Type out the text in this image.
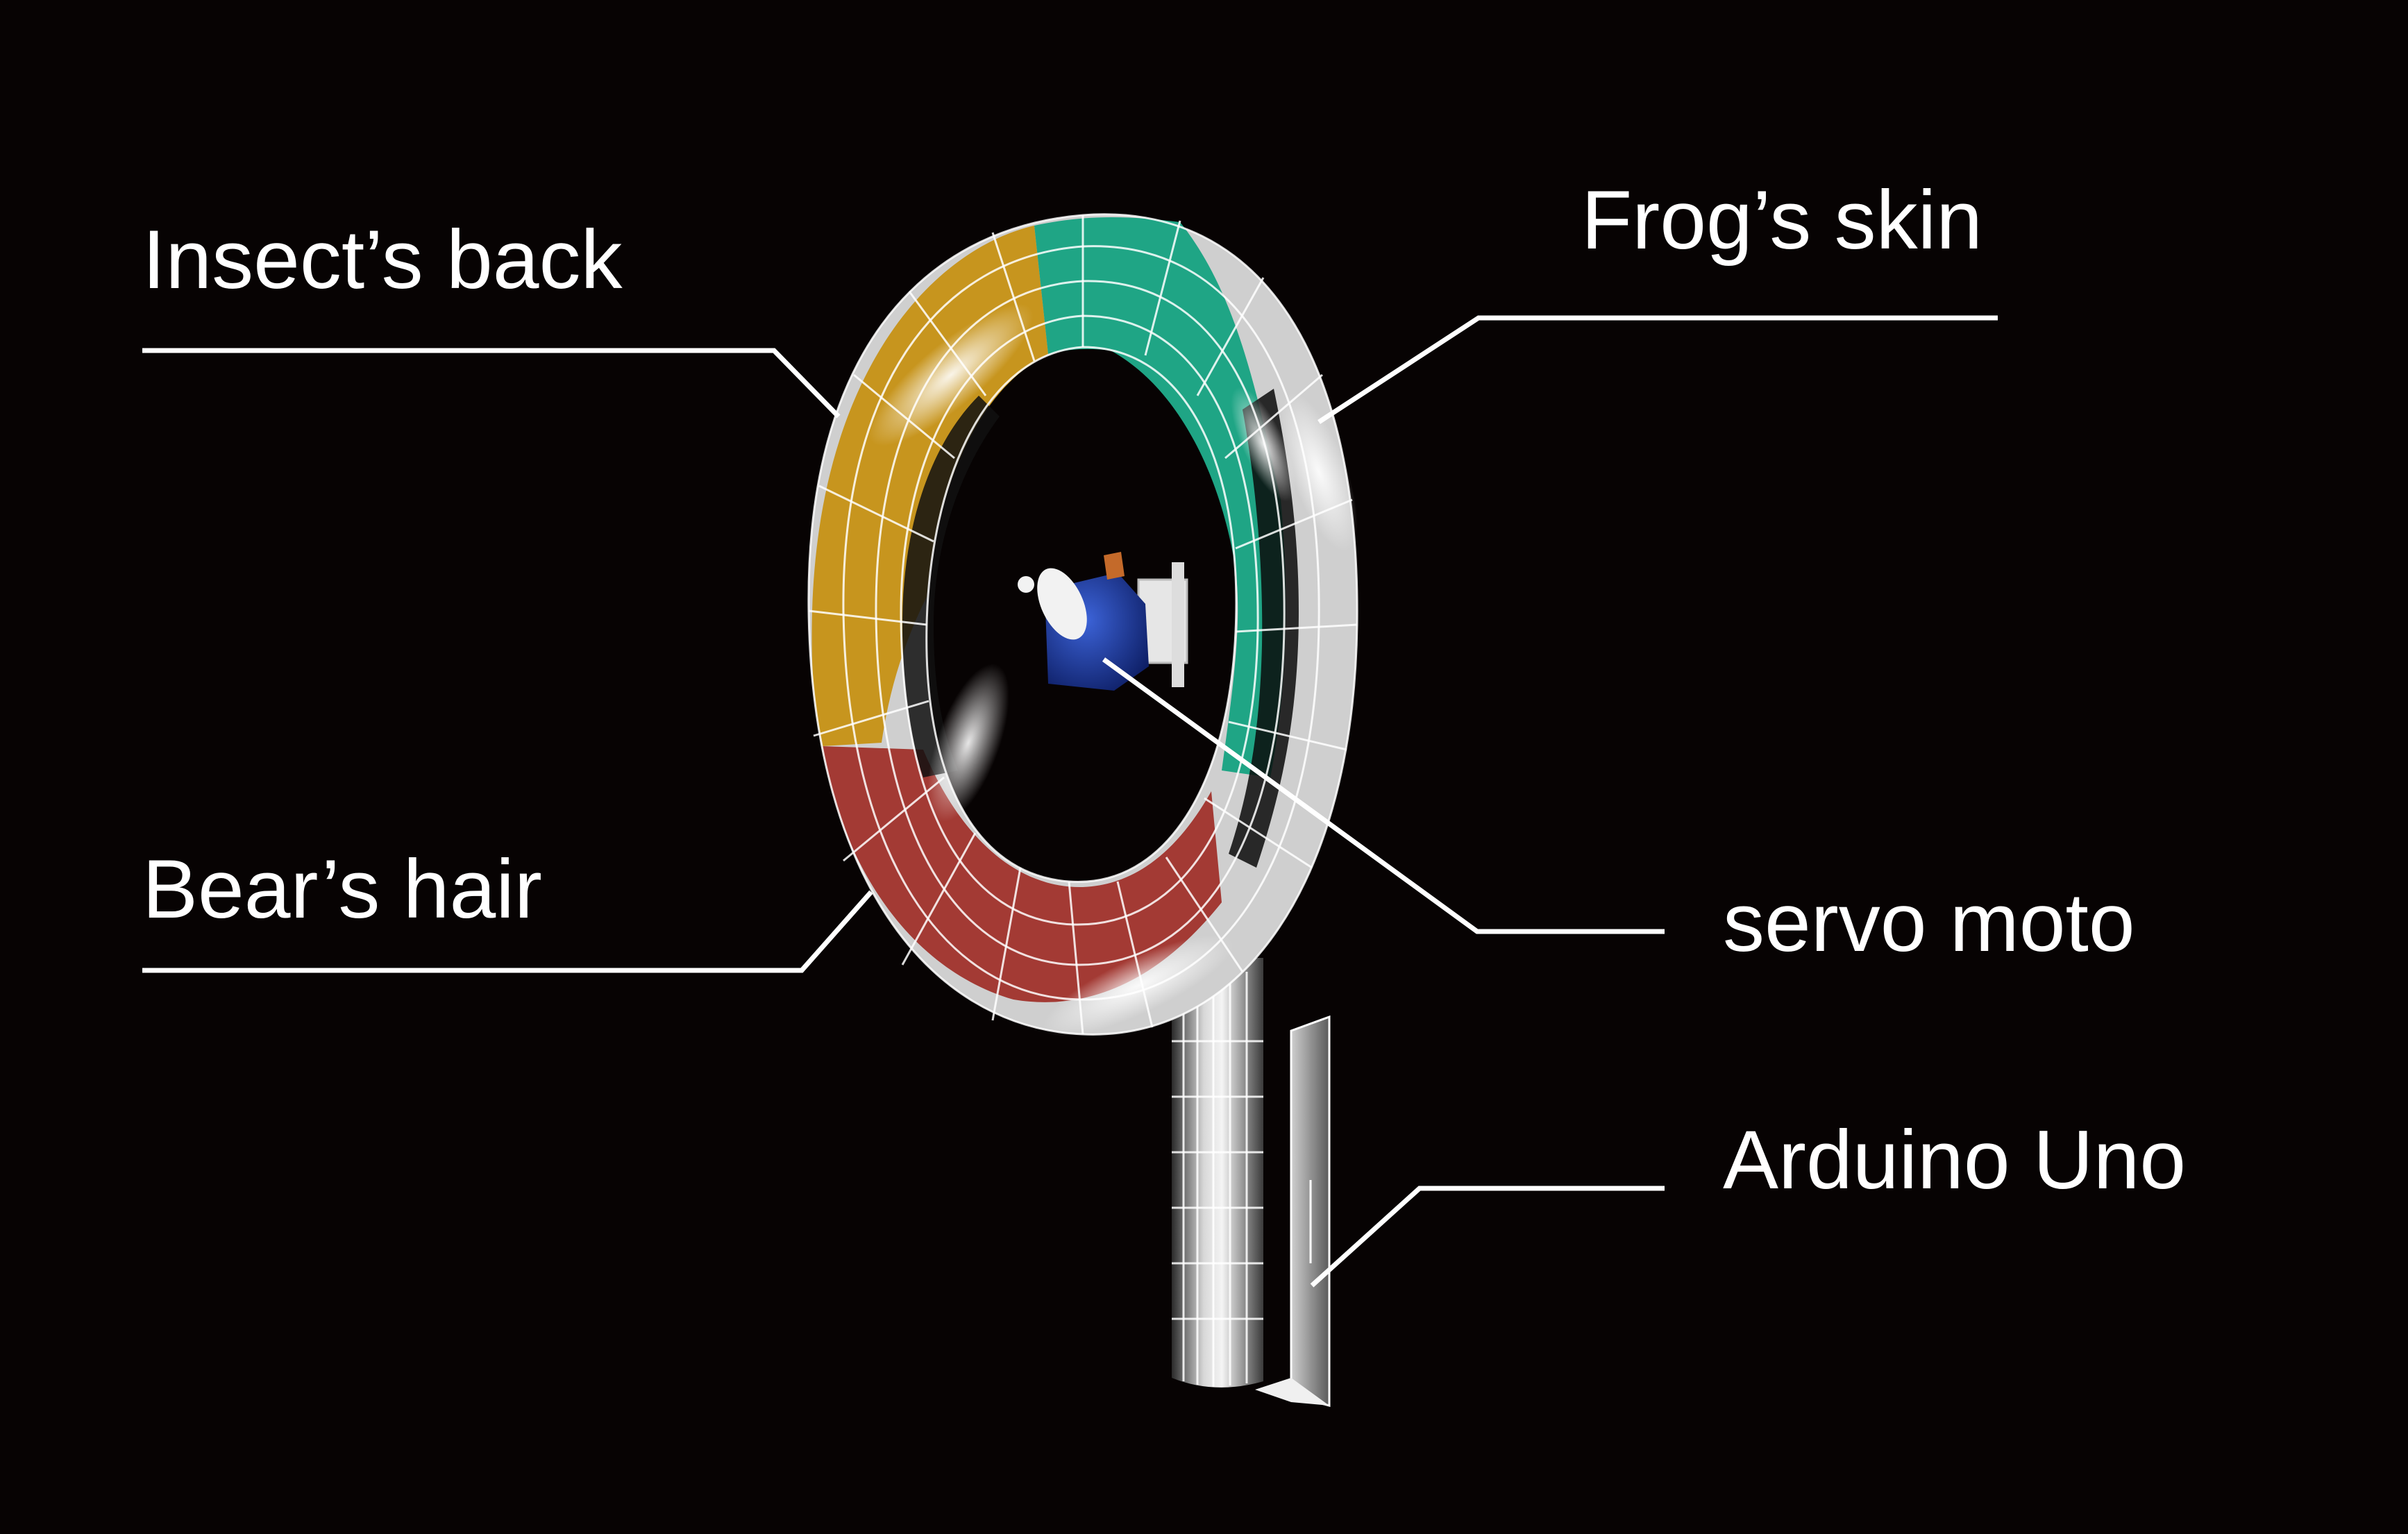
Insect’s back	Frog’s skin
Bear’s hair	servo moto
Arduino Uno
